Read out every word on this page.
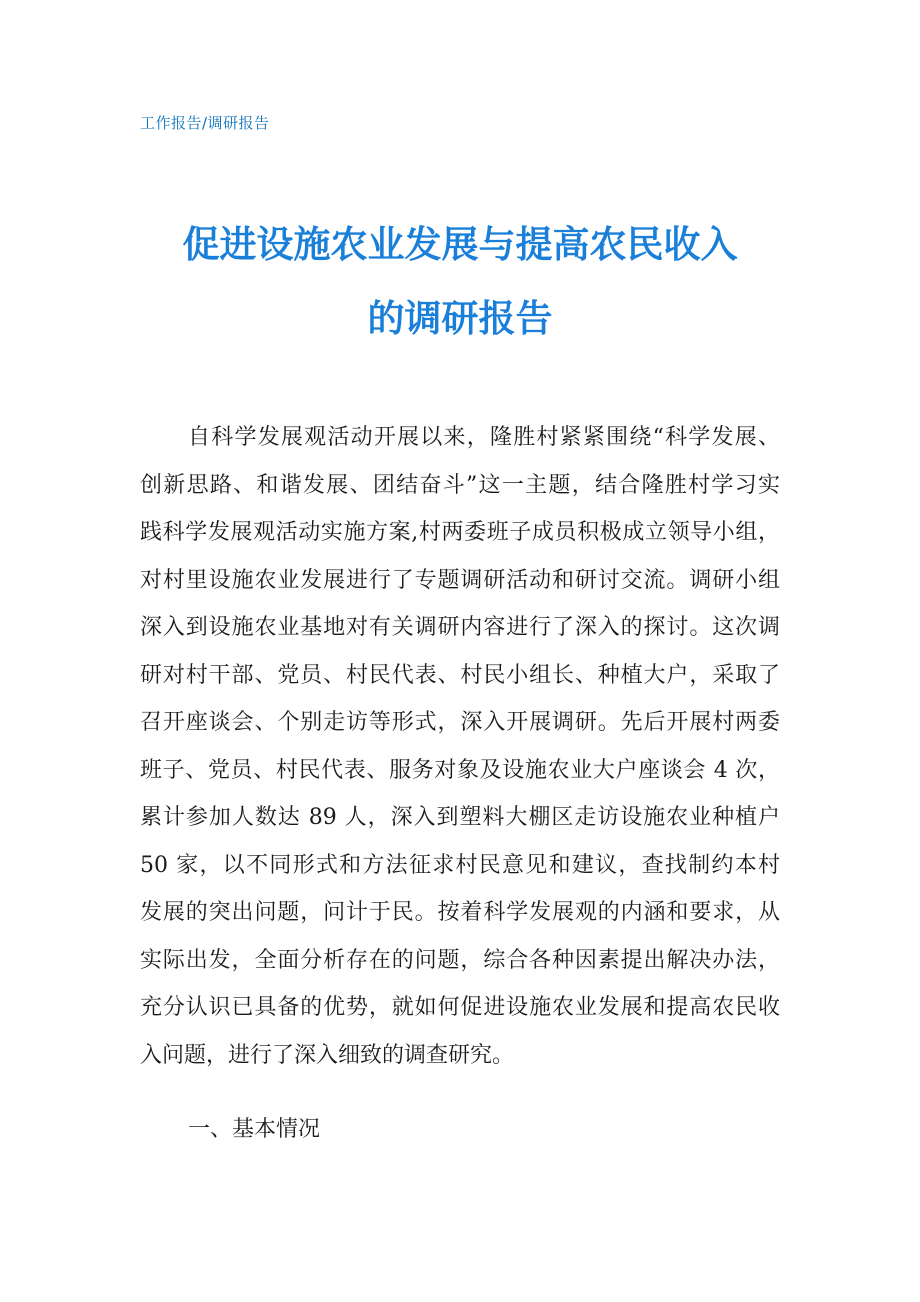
工作报告/调研报告
促进设施农业发展与提高农民收入
的调研报告
自科学发展观活动开展以来，隆胜村紧紧围绕“科学发展、
创新思路、和谐发展、团结奋斗”这一主题，结合隆胜村学习实
践科学发展观活动实施方案,村两委班子成员积极成立领导小组，
对村里设施农业发展进行了专题调研活动和研讨交流。调研小组
深入到设施农业基地对有关调研内容进行了深入的探讨。这次调
研对村干部、党员、村民代表、村民小组长、种植大户，采取了
召开座谈会、个别走访等形式，深入开展调研。先后开展村两委
班子、党员、村民代表、服务对象及设施农业大户座谈会 4 次，
累计参加人数达 89 人，深入到塑料大棚区走访设施农业种植户
50 家，以不同形式和方法征求村民意见和建议，查找制约本村
发展的突出问题，问计于民。按着科学发展观的内涵和要求，从
实际出发，全面分析存在的问题，综合各种因素提出解决办法，
充分认识已具备的优势，就如何促进设施农业发展和提高农民收
入问题，进行了深入细致的调查研究。
一、基本情况
